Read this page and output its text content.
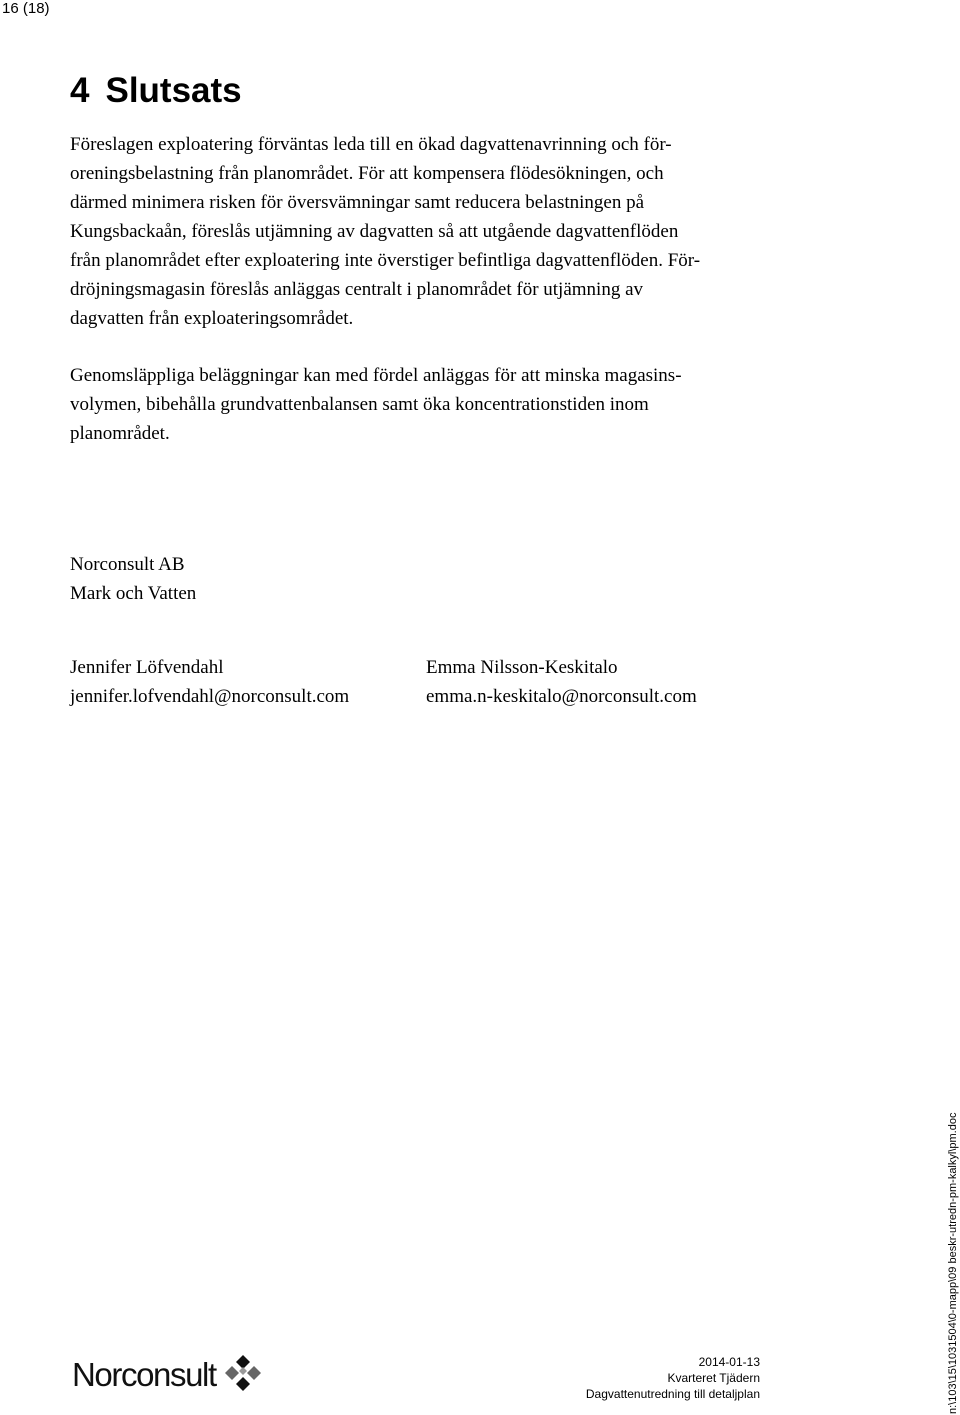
16 (18)
4 Slutsats
Föreslagen exploatering förväntas leda till en ökad dagvattenavrinning och för-
oreningsbelastning från planområdet. För att kompensera flödesökningen, och
därmed minimera risken för översvämningar samt reducera belastningen på
Kungsbackaån, föreslås utjämning av dagvatten så att utgående dagvattenflöden
från planområdet efter exploatering inte överstiger befintliga dagvattenflöden. För-
dröjningsmagasin föreslås anläggas centralt i planområdet för utjämning av
dagvatten från exploateringsområdet.
Genomsläppliga beläggningar kan med fördel anläggas för att minska magasins-
volymen, bibehålla grundvattenbalansen samt öka koncentrationstiden inom
planområdet.
Norconsult AB
Mark och Vatten
Jennifer Löfvendahl
jennifer.lofvendahl@norconsult.com
Emma Nilsson-Keskitalo
emma.n-keskitalo@norconsult.com
Norconsult	2014-01-13
Kvarteret Tjädern
Dagvattenutredning till detaljplan	n:\103\15\1031504\0-mapp\09 beskr-utredn-pm-kalkyl\pm.doc
